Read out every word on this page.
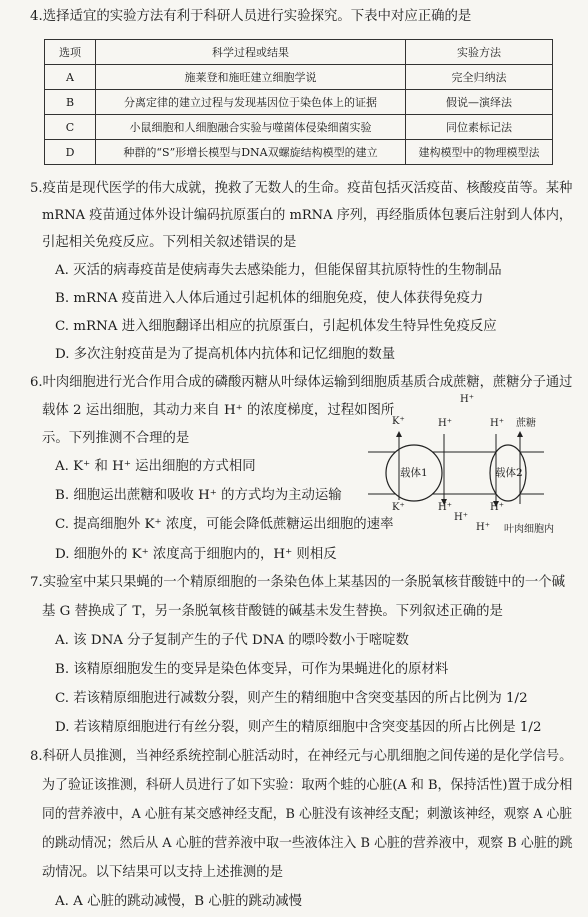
4.选择适宜的实验方法有利于科研人员进行实验探究。下表中对应正确的是
选项	科学过程或结果	实验方法
A	施莱登和施旺建立细胞学说	完全归纳法
B	分离定律的建立过程与发现基因位于染色体上的证据	假说—演绎法
C	小鼠细胞和人细胞融合实验与噬菌体侵染细菌实验	同位素标记法
D	种群的“S”形增长模型与DNA双螺旋结构模型的建立	建构模型中的物理模型法
5.疫苗是现代医学的伟大成就，挽救了无数人的生命。疫苗包括灭活疫苗、核酸疫苗等。某种
mRNA 疫苗通过体外设计编码抗原蛋白的 mRNA 序列，再经脂质体包裹后注射到人体内，
引起相关免疫反应。下列相关叙述错误的是
A. 灭活的病毒疫苗是使病毒失去感染能力，但能保留其抗原特性的生物制品
B. mRNA 疫苗进入人体后通过引起机体的细胞免疫，使人体获得免疫力
C. mRNA 进入细胞翻译出相应的抗原蛋白，引起机体发生特异性免疫反应
D. 多次注射疫苗是为了提高机体内抗体和记忆细胞的数量
6.叶肉细胞进行光合作用合成的磷酸丙糖从叶绿体运输到细胞质基质合成蔗糖，蔗糖分子通过
载体 2 运出细胞，其动力来自 H⁺ 的浓度梯度，过程如图所
示。下列推测不合理的是
A. K⁺ 和 H⁺ 运出细胞的方式相同
B. 细胞运出蔗糖和吸收 H⁺ 的方式均为主动运输
C. 提高细胞外 K⁺ 浓度，可能会降低蔗糖运出细胞的速率
D. 细胞外的 K⁺ 浓度高于细胞内的，H⁺ 则相反
H⁺
K⁺	H⁺	H⁺ 蔗糖
载体1	载体2
K⁺	H⁺	H⁺
H⁺
H⁺ 叶肉细胞内
7.实验室中某只果蝇的一个精原细胞的一条染色体上某基因的一条脱氧核苷酸链中的一个碱
基 G 替换成了 T，另一条脱氧核苷酸链的碱基未发生替换。下列叙述正确的是
A. 该 DNA 分子复制产生的子代 DNA 的嘌呤数小于嘧啶数
B. 该精原细胞发生的变异是染色体变异，可作为果蝇进化的原材料
C. 若该精原细胞进行减数分裂，则产生的精细胞中含突变基因的所占比例为 1/2
D. 若该精原细胞进行有丝分裂，则产生的精原细胞中含突变基因的所占比例是 1/2
8.科研人员推测，当神经系统控制心脏活动时，在神经元与心肌细胞之间传递的是化学信号。
为了验证该推测，科研人员进行了如下实验：取两个蛙的心脏(A 和 B，保持活性)置于成分相
同的营养液中，A 心脏有某交感神经支配，B 心脏没有该神经支配；刺激该神经，观察 A 心脏
的跳动情况；然后从 A 心脏的营养液中取一些液体注入 B 心脏的营养液中，观察 B 心脏的跳
动情况。以下结果可以支持上述推测的是
A. A 心脏的跳动减慢，B 心脏的跳动减慢
